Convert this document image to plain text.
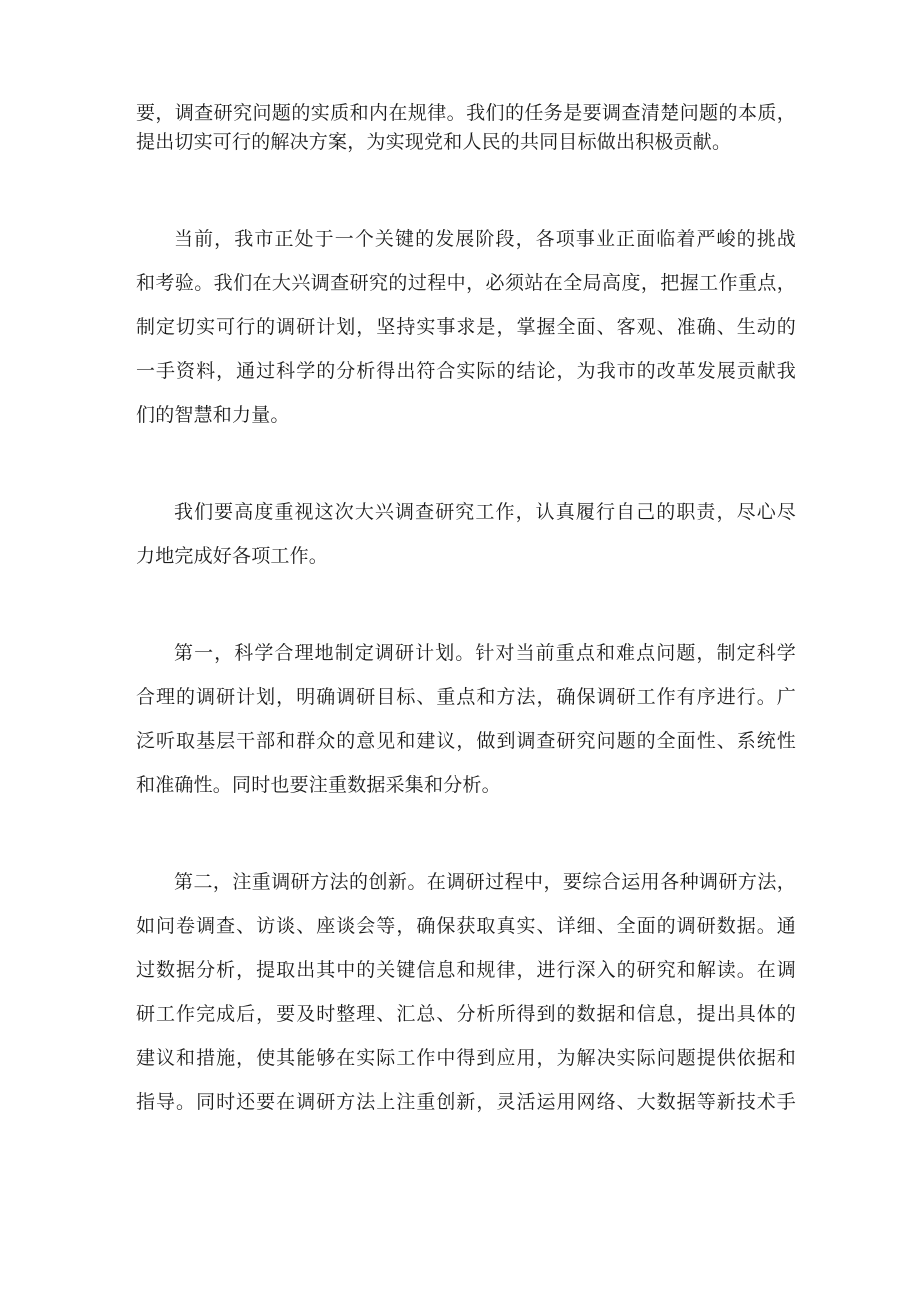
要，调查研究问题的实质和内在规律。我们的任务是要调查清楚问题的本质，

提出切实可行的解决方案，为实现党和人民的共同目标做出积极贡献。

当前，我市正处于一个关键的发展阶段，各项事业正面临着严峻的挑战

和考验。我们在大兴调查研究的过程中，必须站在全局高度，把握工作重点，

制定切实可行的调研计划，坚持实事求是，掌握全面、客观、准确、生动的

一手资料，通过科学的分析得出符合实际的结论，为我市的改革发展贡献我

们的智慧和力量。

我们要高度重视这次大兴调查研究工作，认真履行自己的职责，尽心尽

力地完成好各项工作。

第一，科学合理地制定调研计划。针对当前重点和难点问题，制定科学

合理的调研计划，明确调研目标、重点和方法，确保调研工作有序进行。广

泛听取基层干部和群众的意见和建议，做到调查研究问题的全面性、系统性

和准确性。同时也要注重数据采集和分析。

第二，注重调研方法的创新。在调研过程中，要综合运用各种调研方法，

如问卷调查、访谈、座谈会等，确保获取真实、详细、全面的调研数据。通

过数据分析，提取出其中的关键信息和规律，进行深入的研究和解读。在调

研工作完成后，要及时整理、汇总、分析所得到的数据和信息，提出具体的

建议和措施，使其能够在实际工作中得到应用，为解决实际问题提供依据和

指导。同时还要在调研方法上注重创新，灵活运用网络、大数据等新技术手
